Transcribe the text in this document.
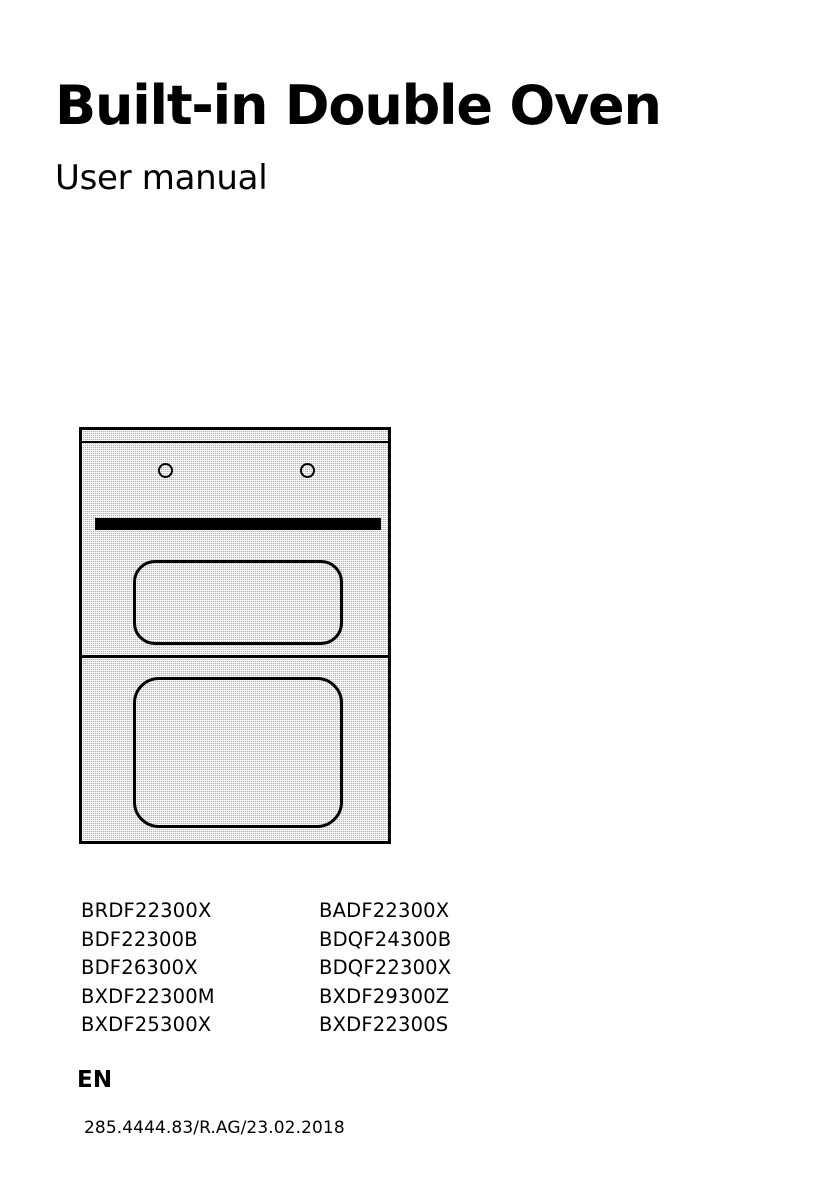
Built-in Double Oven
User manual
BRDF22300X	BADF22300X
BDF22300B	BDQF24300B
BDF26300X	BDQF22300X
BXDF22300M	BXDF29300Z
BXDF25300X	BXDF22300S
EN
285.4444.83/R.AG/23.02.2018
